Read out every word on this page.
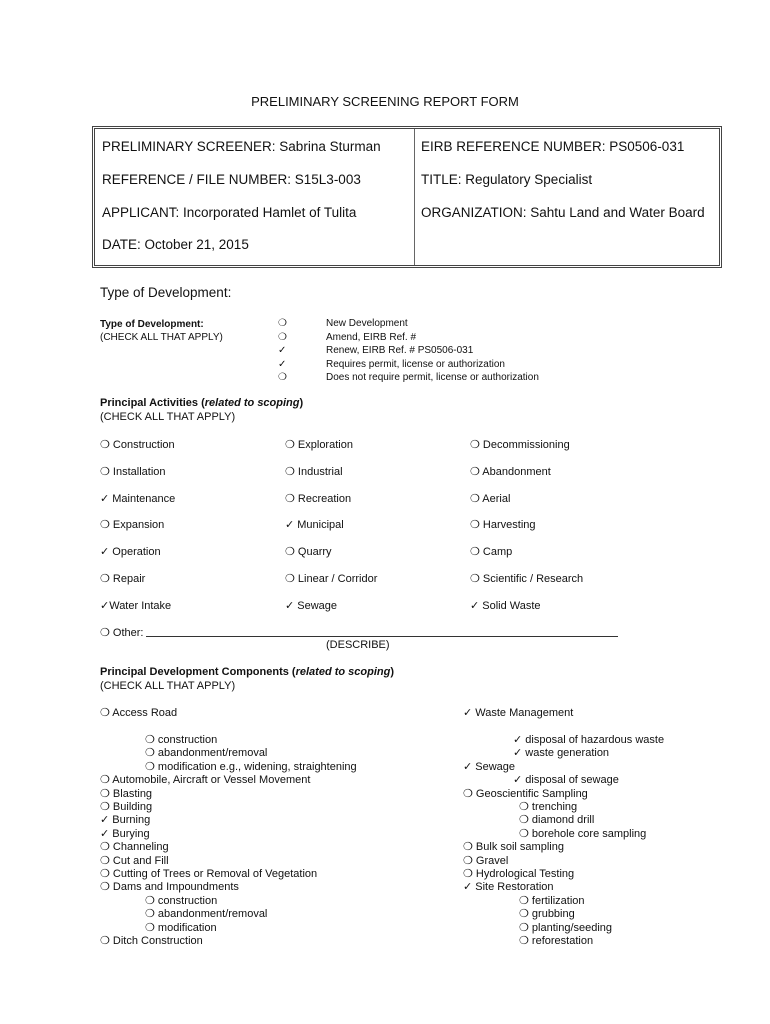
PRELIMINARY SCREENING REPORT FORM
PRELIMINARY SCREENER: Sabrina Sturman
REFERENCE / FILE NUMBER: S15L3-003
APPLICANT: Incorporated Hamlet of Tulita
DATE: October 21, 2015
EIRB REFERENCE NUMBER: PS0506-031
TITLE: Regulatory Specialist
ORGANIZATION: Sahtu Land and Water Board
Type of Development:
Type of Development:
(CHECK ALL THAT APPLY)
❍	New Development
❍	Amend, EIRB Ref. #
✓	Renew, EIRB Ref. # PS0506-031
✓	Requires permit, license or authorization
❍	Does not require permit, license or authorization
Principal Activities (related to scoping)
(CHECK ALL THAT APPLY)
❍ Construction	❍ Exploration	❍ Decommissioning
❍ Installation	❍ Industrial	❍ Abandonment
✓ Maintenance	❍ Recreation	❍ Aerial
❍ Expansion	✓ Municipal	❍ Harvesting
✓ Operation	❍ Quarry	❍ Camp
❍ Repair	❍ Linear / Corridor	❍ Scientific / Research
✓Water Intake	✓ Sewage	✓ Solid Waste
❍ Other:
(DESCRIBE)
Principal Development Components (related to scoping)
(CHECK ALL THAT APPLY)
❍ Access Road	✓ Waste Management
❍ construction
❍ abandonment/removal
❍ modification e.g., widening, straightening
❍ Automobile, Aircraft or Vessel Movement
❍ Blasting
❍ Building
✓ Burning
✓ Burying
❍ Channeling
❍ Cut and Fill
❍ Cutting of Trees or Removal of Vegetation
❍ Dams and Impoundments
❍ construction
❍ abandonment/removal
❍ modification
❍ Ditch Construction
✓ disposal of hazardous waste
✓ waste generation
✓ Sewage
✓ disposal of sewage
❍ Geoscientific Sampling
❍ trenching
❍ diamond drill
❍ borehole core sampling
❍ Bulk soil sampling
❍ Gravel
❍ Hydrological Testing
✓ Site Restoration
❍ fertilization
❍ grubbing
❍ planting/seeding
❍ reforestation
